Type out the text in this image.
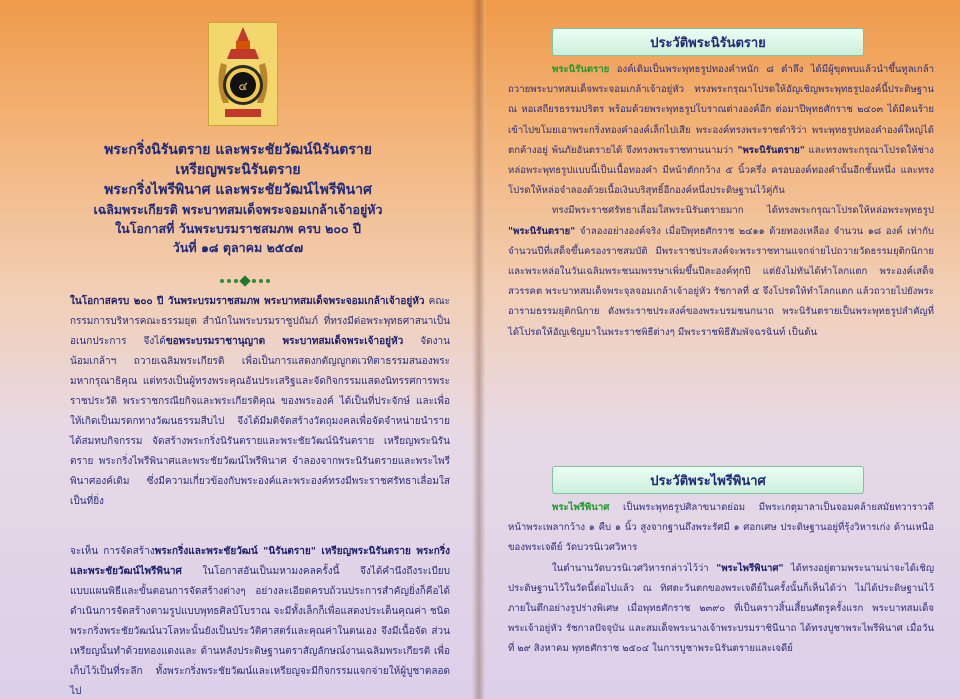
๔
พระกริ่งนิรันตราย และพระชัยวัฒน์นิรันตราย
เหรียญพระนิรันตราย
พระกริ่งไพรีพินาศ และพระชัยวัฒน์ไพรีพินาศ
เฉลิมพระเกียรติ พระบาทสมเด็จพระจอมเกล้าเจ้าอยู่หัว
ในโอกาสที่ วันพระบรมราชสมภพ ครบ ๒๐๐ ปี
วันที่ ๑๘ ตุลาคม ๒๕๔๗
ในโอกาสครบ ๒๐๐ ปี วันพระบรมราชสมภพ พระบาทสมเด็จพระจอมเกล้าเจ้าอยู่หัว คณะกรรมการบริหารคณะธรรมยุต สำนักในพระบรมราชูปถัมภ์ ที่ทรงมีต่อพระพุทธศาสนาเป็นอเนกประการ จึงได้ขอพระบรมราชานุญาต พระบาทสมเด็จพระเจ้าอยู่หัว จัดงานน้อมเกล้าฯ ถวายเฉลิมพระเกียรติ เพื่อเป็นการแสดงกตัญญูกตเวทิตาธรรมสนองพระมหากรุณาธิคุณ แต่ทรงเป็นผู้ทรงพระคุณอันประเสริฐและจัดกิจกรรมแสดงนิทรรศการพระราชประวัติ พระราชกรณียกิจและพระเกียรติคุณ ของพระองค์ ได้เป็นที่ประจักษ์ และเพื่อให้เกิดเป็นมรดกทางวัฒนธรรมสืบไป จึงได้มีมติจัดสร้างวัตถุมงคลเพื่อจัดจำหน่ายนำรายได้สมทบกิจกรรม จัดสร้างพระกริ่งนิรันตรายและพระชัยวัฒน์นิรันตราย เหรียญพระนิรันตราย พระกริ่งไพรีพินาศและพระชัยวัฒน์ไพรีพินาศ จำลองจากพระนิรันตรายและพระไพรีพินาศองค์เดิม ซึ่งมีความเกี่ยวข้องกับพระองค์และพระองค์ทรงมีพระราชศรัทธาเลื่อมใสเป็นที่ยิ่ง
จะเห็น การจัดสร้างพระกริ่งและพระชัยวัฒน์ "นิรันตราย" เหรียญพระนิรันตราย พระกริ่งและพระชัยวัฒน์ไพรีพินาศ ในโอกาสอันเป็นมหามงคลครั้งนี้ จึงได้คำนึงถึงระเบียบแบบแผนพิธีและขั้นตอนการจัดสร้างต่างๆ อย่างละเอียดครบถ้วนประการสำคัญยิ่งก็คือได้ดำเนินการจัดสร้างตามรูปแบบพุทธศิลป์โบราณ จะมีทั้งเล็กก็เพื่อแสดงประเด็นคุณค่า ชนิดพระกริ่งพระชัยวัฒน์นวโลหะนั้นยังเป็นประวัติศาสตร์และคุณค่าในตนเอง จึงมีเนื้อจัด ส่วนเหรียญนั้นทำด้วยทองแดงและ ด้านหลังประดิษฐานตราสัญลักษณ์งานเฉลิมพระเกียรติ เพื่อเก็บไว้เป็นที่ระลึก ทั้งพระกริ่งพระชัยวัฒน์และเหรียญจะมีกิจกรรมแจกจ่ายให้ผู้บูชาตลอดไป
ประวัติพระนิรันตราย

พระนิรันตราย องค์เดิมเป็นพระพุทธรูปทองคำหนัก ๘ ตำลึง ได้มีผู้ขุดพบแล้วนำขึ้นทูลเกล้าถวายพระบาทสมเด็จพระจอมเกล้าเจ้าอยู่หัว ทรงพระกรุณาโปรดให้อัญเชิญพระพุทธรูปองค์นี้ประดิษฐาน ณ หอเสถียรธรรมปริตร พร้อมด้วยพระพุทธรูปโบราณต่างองค์อีก ต่อมาปีพุทธศักราช ๒๔๐๓ ได้มีคนร้ายเข้าไปขโมยเอาพระกริ่งทองคำองค์เล็กไปเสีย พระองค์ทรงพระราชดำริว่า พระพุทธรูปทองคำองค์ใหญ่ได้ตกค้างอยู่ พ้นภัยอันตรายได้ จึงทรงพระราชทานนามว่า "พระนิรันตราย" และทรงพระกรุณาโปรดให้ช่างหล่อพระพุทธรูปแบบนี้เป็นเนื้อทองคำ มีหน้าตักกว้าง ๕ นิ้วครึ่ง ครอบองค์ทองคำนั้นอีกชั้นหนึ่ง และทรงโปรดให้หล่อจำลองด้วยเนื้อเงินบริสุทธิ์อีกองค์หนึ่งประดิษฐานไว้คู่กัน

ทรงมีพระราชศรัทธาเลื่อมใสพระนิรันตรายมาก ได้ทรงพระกรุณาโปรดให้หล่อพระพุทธรูป "พระนิรันตราย" จำลองอย่างองค์จริง เมื่อปีพุทธศักราช ๒๔๑๑ ด้วยทองเหลือง จำนวน ๑๘ องค์ เท่ากับจำนวนปีที่เสด็จขึ้นครองราชสมบัติ มีพระราชประสงค์จะพระราชทานแจกจ่ายไปถวายวัดธรรมยุติกนิกาย และพระหล่อในวันเฉลิมพระชนมพรรษาเพิ่มขึ้นปีละองค์ทุกปี แต่ยังไม่ทันได้ทำโลกแตก พระองค์เสด็จสวรรคต พระบาทสมเด็จพระจุลจอมเกล้าเจ้าอยู่หัว รัชกาลที่ ๕ จึงโปรดให้ทำโลกแตก แล้วถวายไปยังพระอารามธรรมยุติกนิกาย ดังพระราชประสงค์ของพระบรมชนกนาถ พระนิรันตรายเป็นพระพุทธรูปสำคัญที่ได้โปรดให้อัญเชิญมาในพระราชพิธีต่างๆ มีพระราชพิธีสัมพัจฉรฉินท์ เป็นต้น

ประวัติพระไพรีพินาศ

พระไพรีพินาศ เป็นพระพุทธรูปศิลาขนาดย่อม มีพระเกตุมาลาเป็นจอมคล้ายสมัยทวาราวดี หน้าพระเพลากว้าง ๑ คืบ ๑ นิ้ว สูงจากฐานถึงพระรัศมี ๑ ศอกเศษ ประดิษฐานอยู่ที่รุ้งวิหารเก่ง ด้านเหนือของพระเจดีย์ วัดบวรนิเวศวิหาร

ในตำนานวัดบวรนิเวศวิหารกล่าวไว้ว่า "พระไพรีพินาศ" ได้ทรงอยู่ตามพระนามน่าจะได้เชิญประดิษฐานไว้ในวัดนี้ต่อไปแล้ว ณ ทิศตะวันตกของพระเจดีย์ในครั้งนั้นก็เห็นได้ว่า ไม่ได้ประดิษฐานไว้ภายในตึกอย่างรูปร่างพิเศษ เมื่อพุทธศักราช ๒๓๙๐ ที่เป็นคราวสิ้นเสี้ยนศัตรูครั้งแรก พระบาทสมเด็จพระเจ้าอยู่หัว รัชกาลปัจจุบัน และสมเด็จพระนางเจ้าพระบรมราชินีนาถ ได้ทรงบูชาพระไพรีพินาศ เมื่อวันที่ ๒๙ สิงหาคม พุทธศักราช ๒๕๐๔ ในการบูชาพระนิรันตรายและเจดีย์
